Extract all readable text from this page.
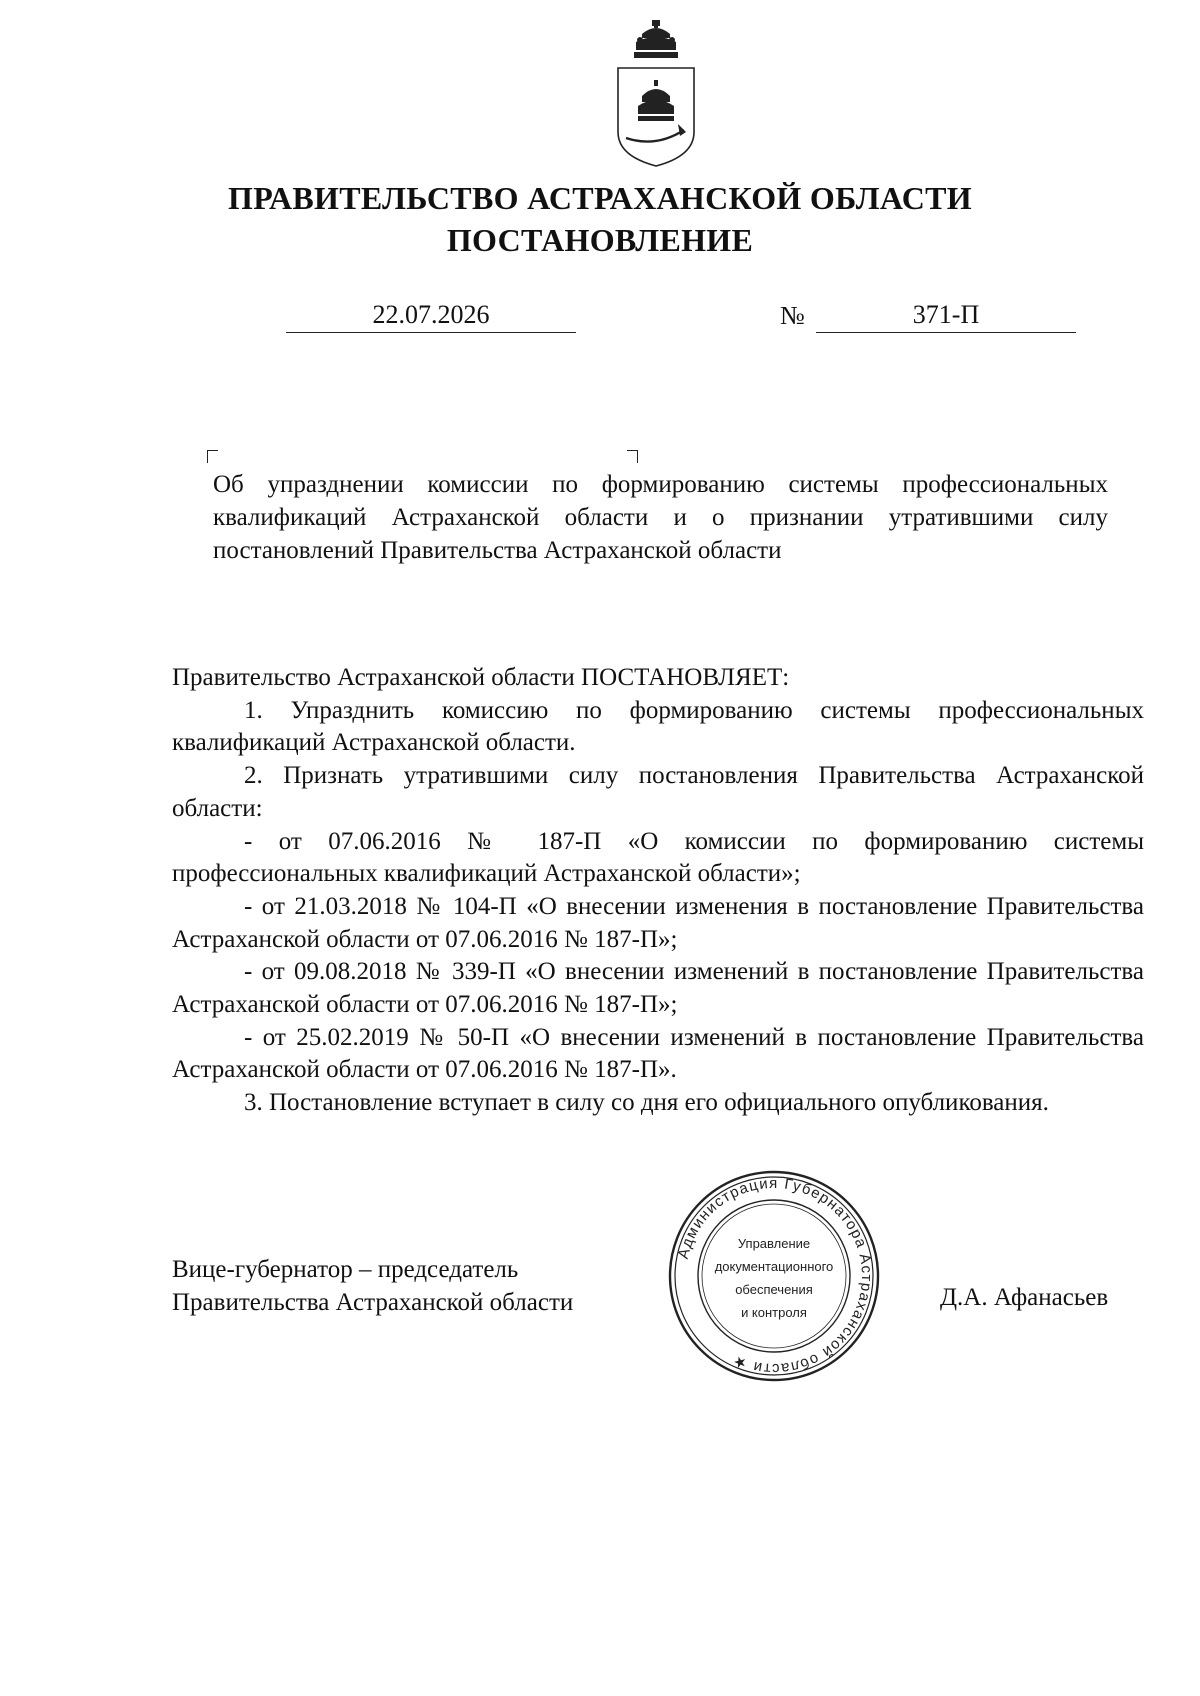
ПРАВИТЕЛЬСТВО АСТРАХАНСКОЙ ОБЛАСТИ
ПОСТАНОВЛЕНИЕ
22.07.2026	№	371-П
Об упразднении комиссии по формированию системы профессиональных квалификаций Астраханской области и о признании утратившими силу постановлений Правительства Астраханской области

Правительство Астраханской области ПОСТАНОВЛЯЕТ:

1. Упразднить комиссию по формированию системы профессиональных квалификаций Астраханской области.

2. Признать утратившими силу постановления Правительства Астраханской области:

- от 07.06.2016 № 187-П «О комиссии по формированию системы профессиональных квалификаций Астраханской области»;

- от 21.03.2018 № 104-П «О внесении изменения в постановление Правительства Астраханской области от 07.06.2016 № 187-П»;

- от 09.08.2018 № 339-П «О внесении изменений в постановление Правительства Астраханской области от 07.06.2016 № 187-П»;

- от 25.02.2019 № 50-П «О внесении изменений в постановление Правительства Астраханской области от 07.06.2016 № 187-П».

3. Постановление вступает в силу со дня его официального опубликования.

Вице-губернатор – председатель
Правительства Астраханской области
Администрация Губернатора Астраханской области ★
Управление
документационного
обеспечения
и контроля
Д.А. Афанасьев
